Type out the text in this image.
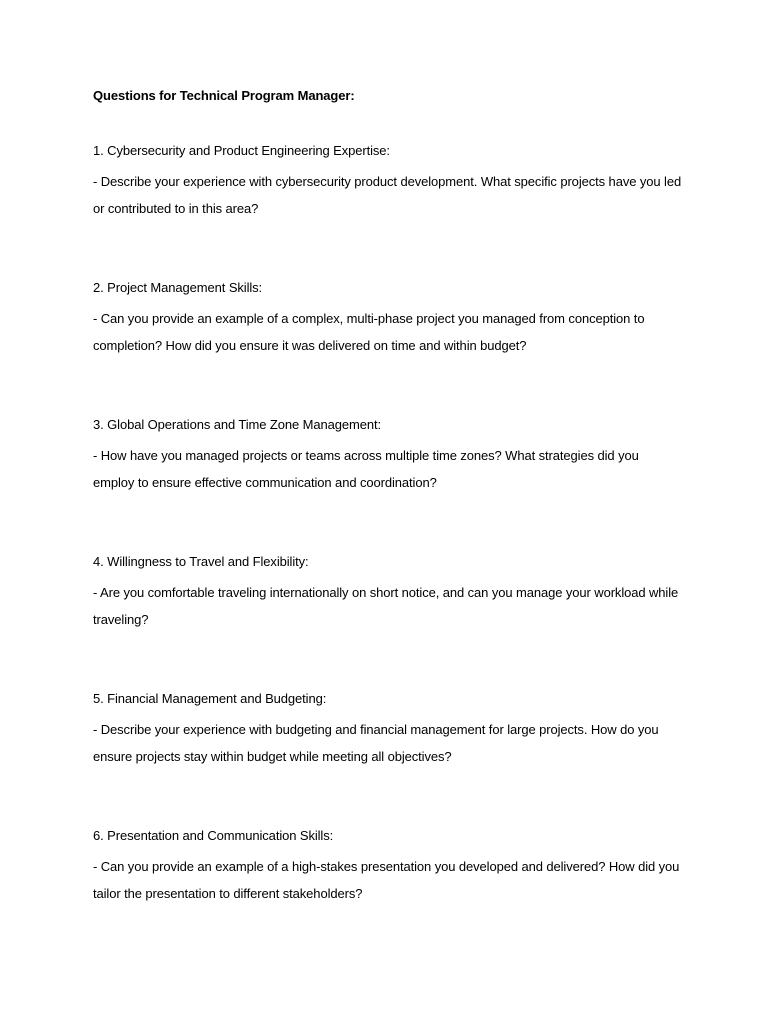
Questions for Technical Program Manager:

1. Cybersecurity and Product Engineering Expertise:

- Describe your experience with cybersecurity product development. What specific projects have you led or contributed to in this area?

2. Project Management Skills:

- Can you provide an example of a complex, multi-phase project you managed from conception to completion? How did you ensure it was delivered on time and within budget?

3. Global Operations and Time Zone Management:

- How have you managed projects or teams across multiple time zones? What strategies did you employ to ensure effective communication and coordination?

4. Willingness to Travel and Flexibility:

- Are you comfortable traveling internationally on short notice, and can you manage your workload while traveling?

5. Financial Management and Budgeting:

- Describe your experience with budgeting and financial management for large projects. How do you ensure projects stay within budget while meeting all objectives?

6. Presentation and Communication Skills:

- Can you provide an example of a high-stakes presentation you developed and delivered? How did you tailor the presentation to different stakeholders?
